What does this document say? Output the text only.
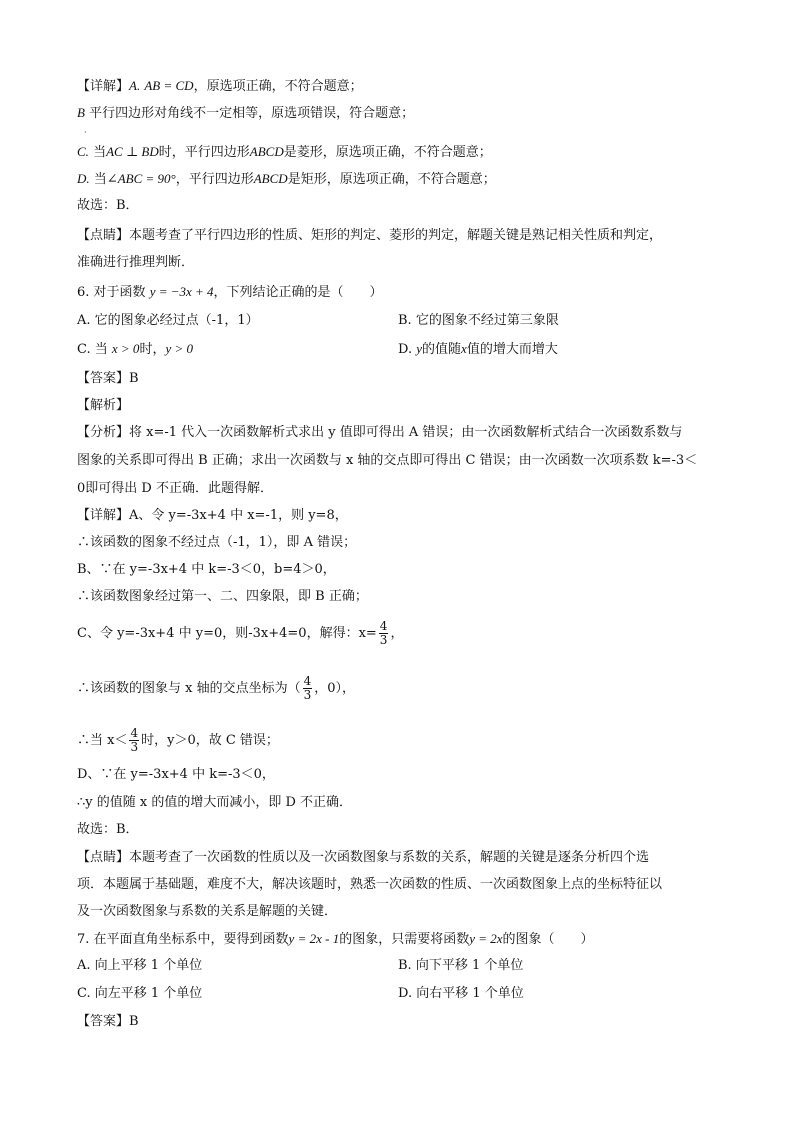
【详解】A. AB = CD，原选项正确，不符合题意；
B 平行四边形对角线不一定相等，原选项错误，符合题意；
·
C. 当AC ⊥ BD时，平行四边形ABCD是菱形，原选项正确，不符合题意；
D. 当∠ABC = 90°，平行四边形ABCD是矩形，原选项正确，不符合题意；
故选：B．
【点睛】本题考查了平行四边形的性质、矩形的判定、菱形的判定，解题关键是熟记相关性质和判定，
准确进行推理判断．
6. 对于函数 y = −3x + 4，下列结论正确的是（　　）
A. 它的图象必经过点（-1，1）	B. 它的图象不经过第三象限
C. 当 x > 0时，y > 0	D. y的值随x值的增大而增大
【答案】B
【解析】
【分析】将 x=-1 代入一次函数解析式求出 y 值即可得出 A 错误；由一次函数解析式结合一次函数系数与
图象的关系即可得出 B 正确；求出一次函数与 x 轴的交点即可得出 C 错误；由一次函数一次项系数 k=-3＜
0即可得出 D 不正确．此题得解．
【详解】A、令 y=-3x+4 中 x=-1，则 y=8，
∴该函数的图象不经过点（-1，1），即 A 错误；
B、∵在 y=-3x+4 中 k=-3＜0，b=4＞0，
∴该函数图象经过第一、二、四象限，即 B 正确；
C、令 y=-3x+4 中 y=0，则-3x+4=0，解得：$x= \frac{4}{3}$ ，
∴该函数的图象与 x 轴的交点坐标为（ $\frac{4}{3}$ ，0），
∴当 $x< \frac{4}{3}$ 时，y＞0，故 C 错误；
D、∵在 y=-3x+4 中 k=-3＜0，
∴y 的值随 x 的值的增大而减小，即 D 不正确．
故选：B．
【点睛】本题考查了一次函数的性质以及一次函数图象与系数的关系，解题的关键是逐条分析四个选
项．本题属于基础题，难度不大，解决该题时，熟悉一次函数的性质、一次函数图象上点的坐标特征以
及一次函数图象与系数的关系是解题的关键．
7. 在平面直角坐标系中，要得到函数y = 2x - 1的图象，只需要将函数y = 2x的图象（　　）
A. 向上平移 1 个单位	B. 向下平移 1 个单位
C. 向左平移 1 个单位	D. 向右平移 1 个单位
【答案】B
